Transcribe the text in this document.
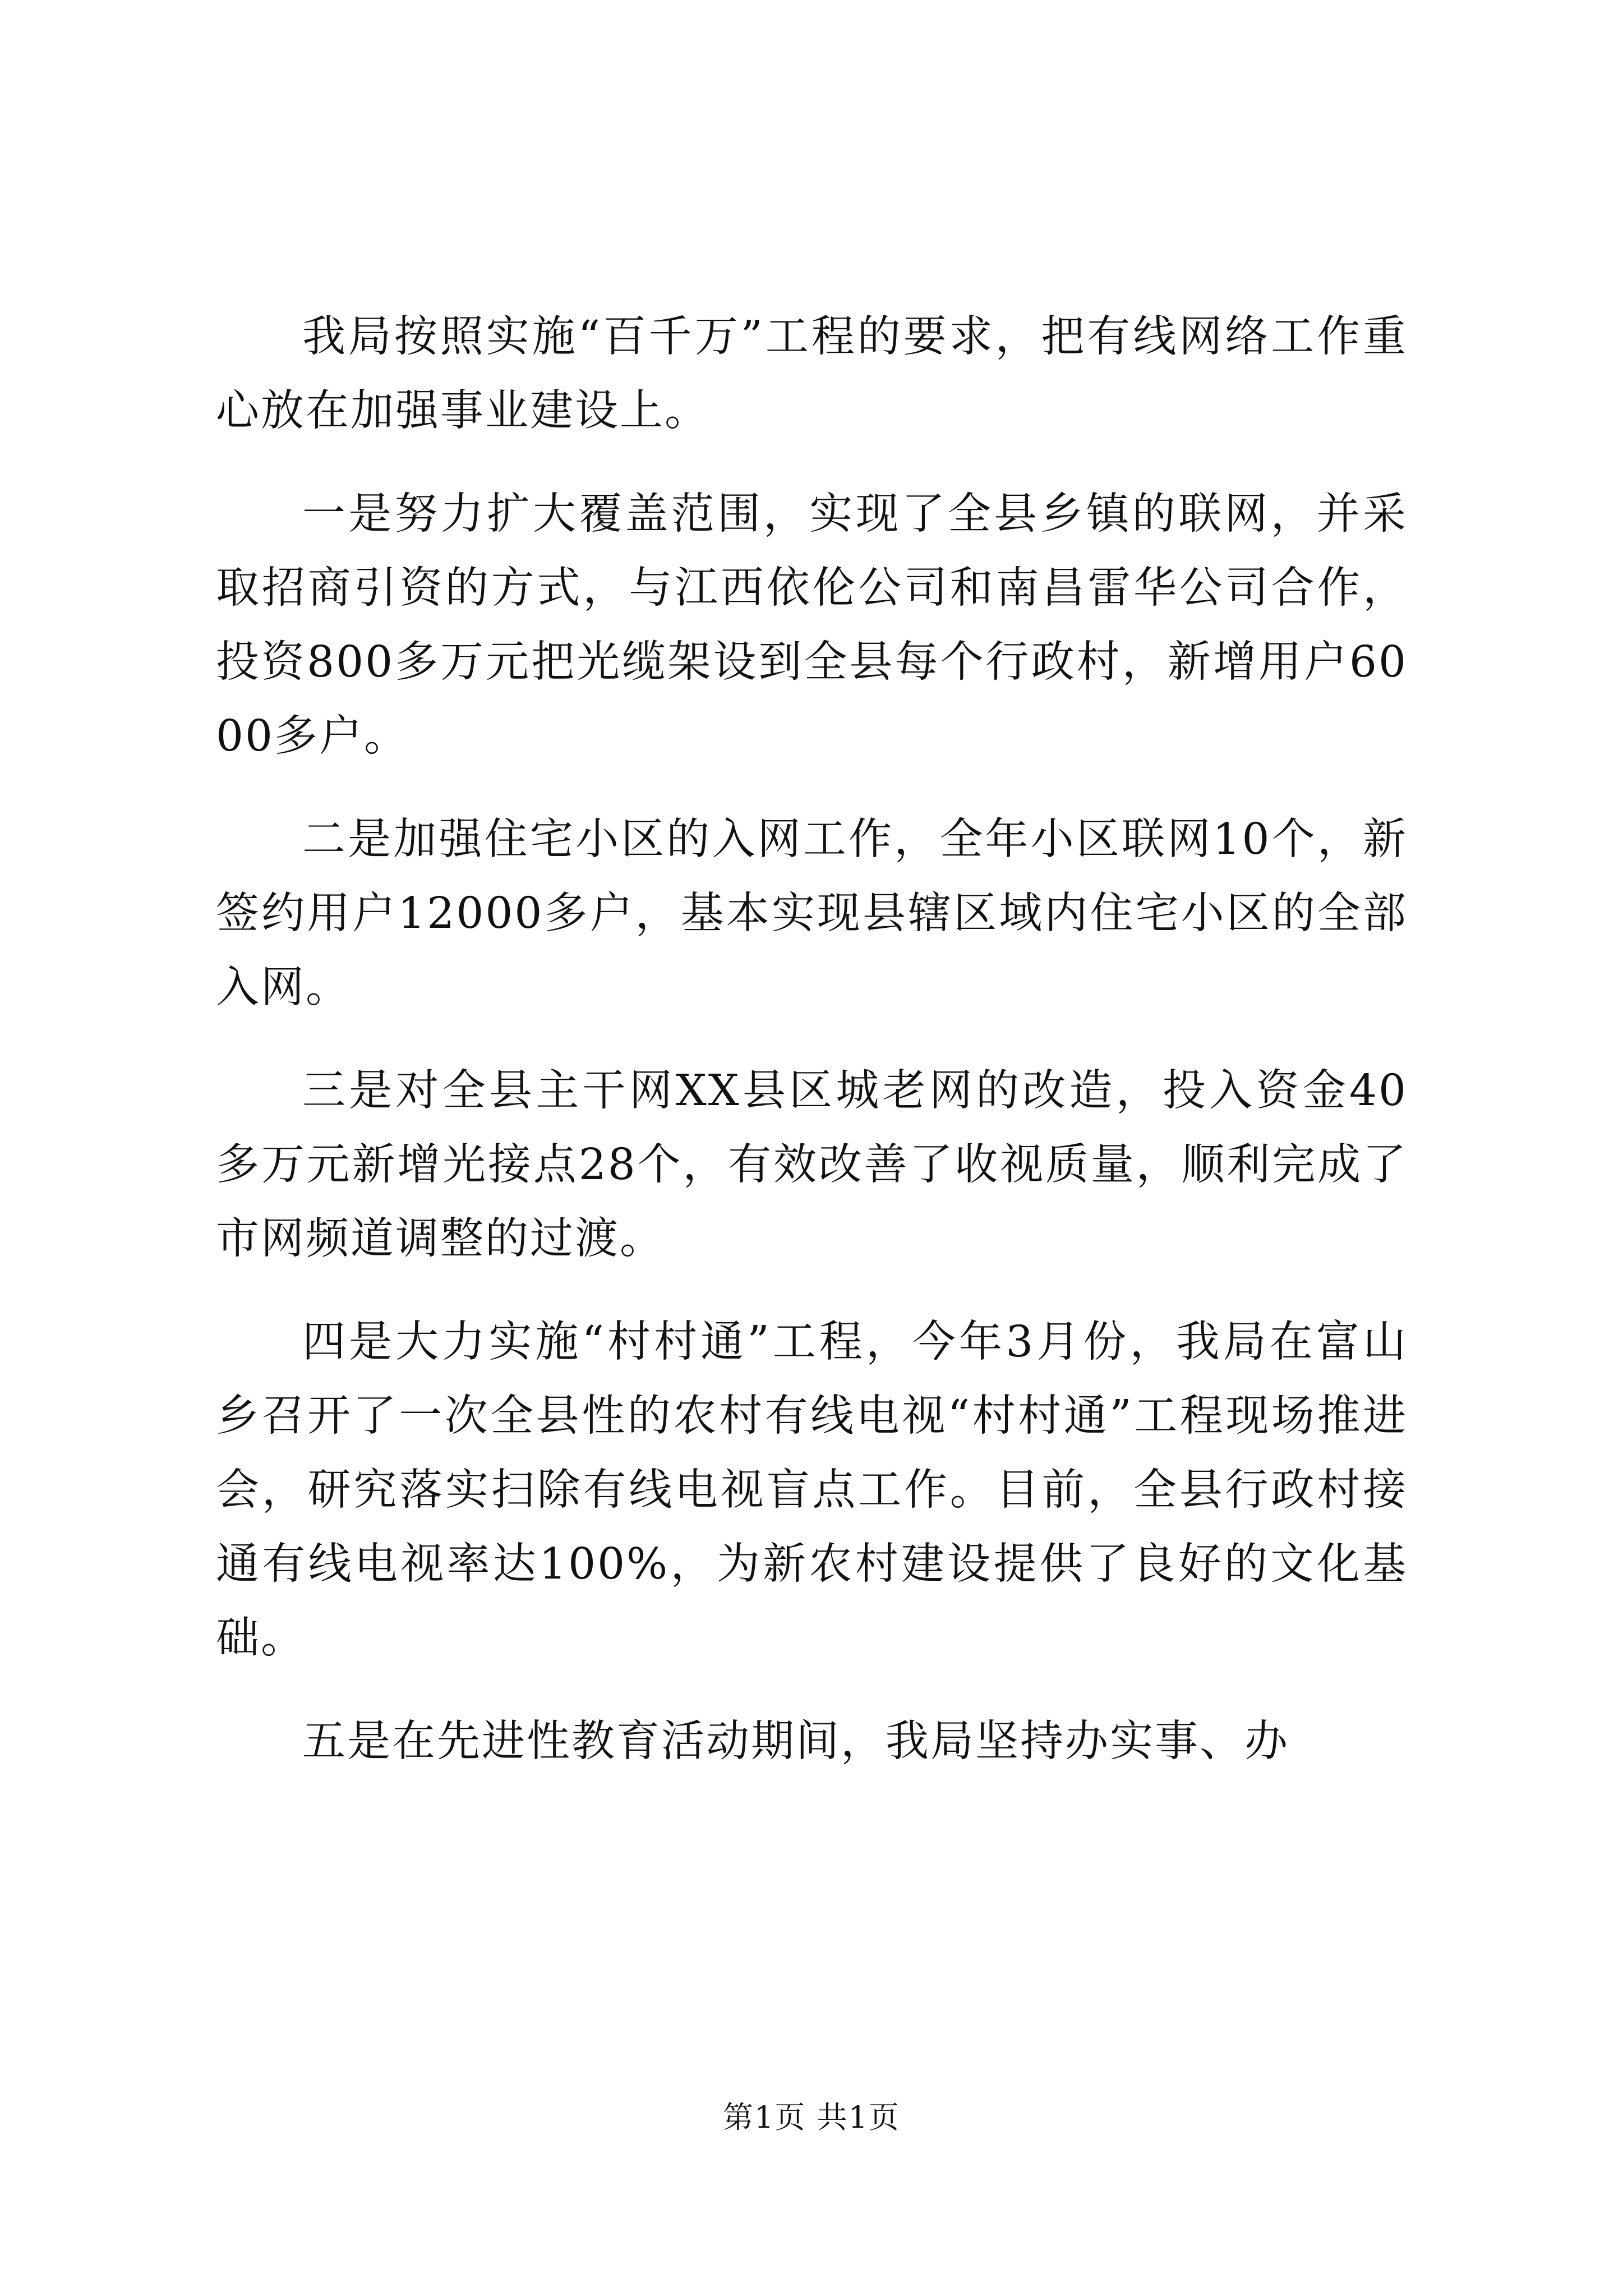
我局按照实施“百千万”工程的要求，把有线网络工作重心放在加强事业建设上。

一是努力扩大覆盖范围，实现了全县乡镇的联网，并采取招商引资的方式，与江西依伦公司和南昌雷华公司合作，投资800多万元把光缆架设到全县每个行政村，新增用户6000多户。

二是加强住宅小区的入网工作，全年小区联网10个，新签约用户12000多户，基本实现县辖区域内住宅小区的全部入网。

三是对全县主干网XX县区城老网的改造，投入资金40多万元新增光接点28个，有效改善了收视质量，顺利完成了市网频道调整的过渡。

四是大力实施“村村通”工程，今年3月份，我局在富山乡召开了一次全县性的农村有线电视“村村通”工程现场推进会，研究落实扫除有线电视盲点工作。目前，全县行政村接通有线电视率达100%，为新农村建设提供了良好的文化基础。

五是在先进性教育活动期间，我局坚持办实事、办

第1页 共1页
